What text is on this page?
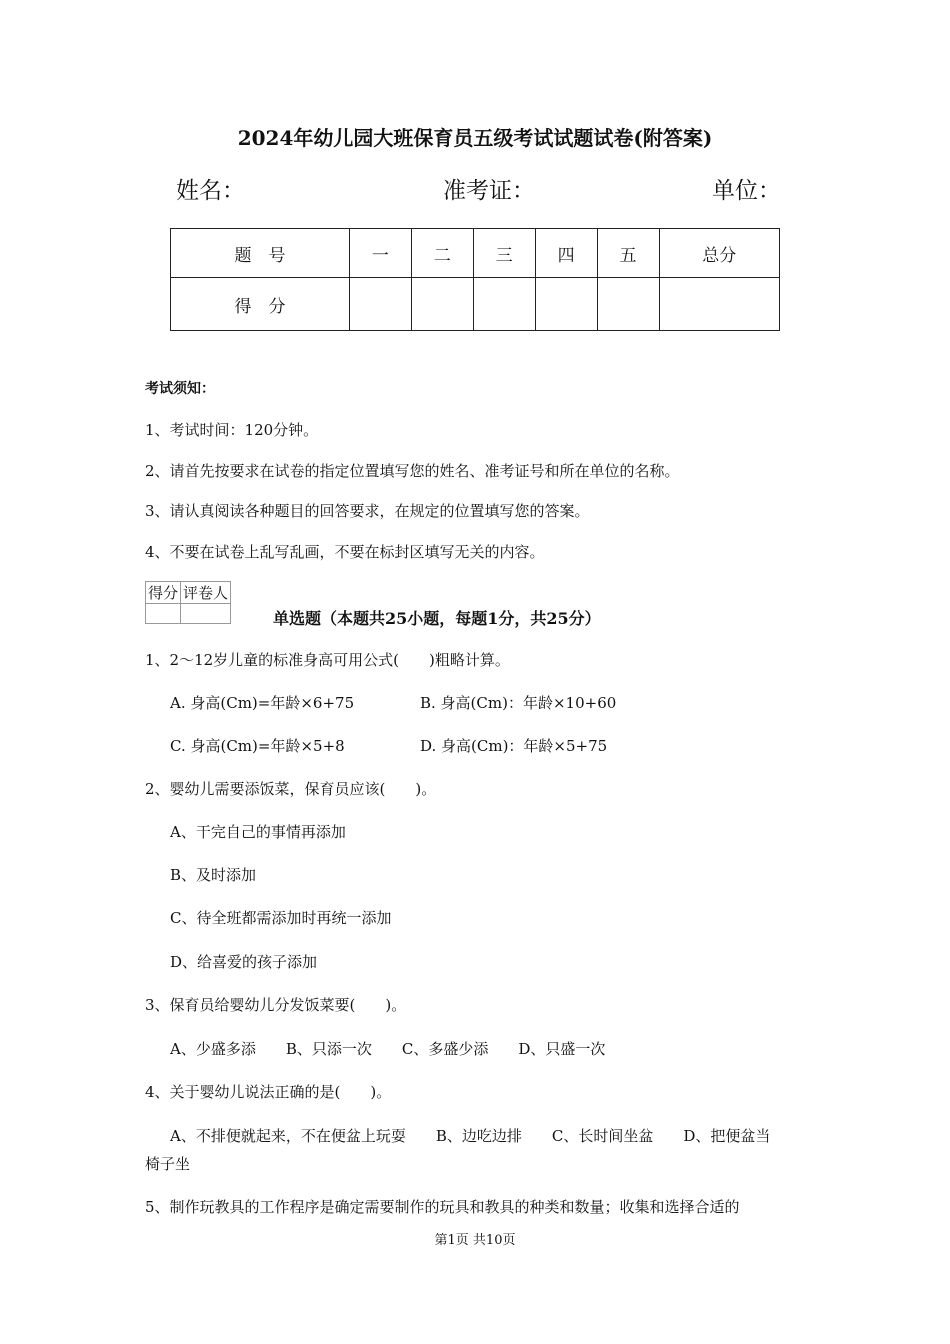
2024年幼儿园大班保育员五级考试试题试卷(附答案)
姓名：	准考证：	单位：
题　号	一	二	三	四	五	总分
得　分						
考试须知：
1、考试时间：120分钟。
2、请首先按要求在试卷的指定位置填写您的姓名、准考证号和所在单位的名称。
3、请认真阅读各种题目的回答要求，在规定的位置填写您的答案。
4、不要在试卷上乱写乱画，不要在标封区填写无关的内容。
得分	评卷人

单选题（本题共25小题，每题1分，共25分）
1、2～12岁儿童的标准身高可用公式(　　)粗略计算。
A. 身高(Cm)=年龄×6+75	B. 身高(Cm)：年龄×10+60
C. 身高(Cm)=年龄×5+8	D. 身高(Cm)：年龄×5+75
2、婴幼儿需要添饭菜，保育员应该(　　)。
A、干完自己的事情再添加
B、及时添加
C、待全班都需添加时再统一添加
D、给喜爱的孩子添加
3、保育员给婴幼儿分发饭菜要(　　)。
A、少盛多添　　B、只添一次　　C、多盛少添　　D、只盛一次
4、关于婴幼儿说法正确的是(　　)。
A、不排便就起来，不在便盆上玩耍　　B、边吃边排　　C、长时间坐盆　　D、把便盆当
椅子坐
5、制作玩教具的工作程序是确定需要制作的玩具和教具的种类和数量；收集和选择合适的
第1页 共10页
